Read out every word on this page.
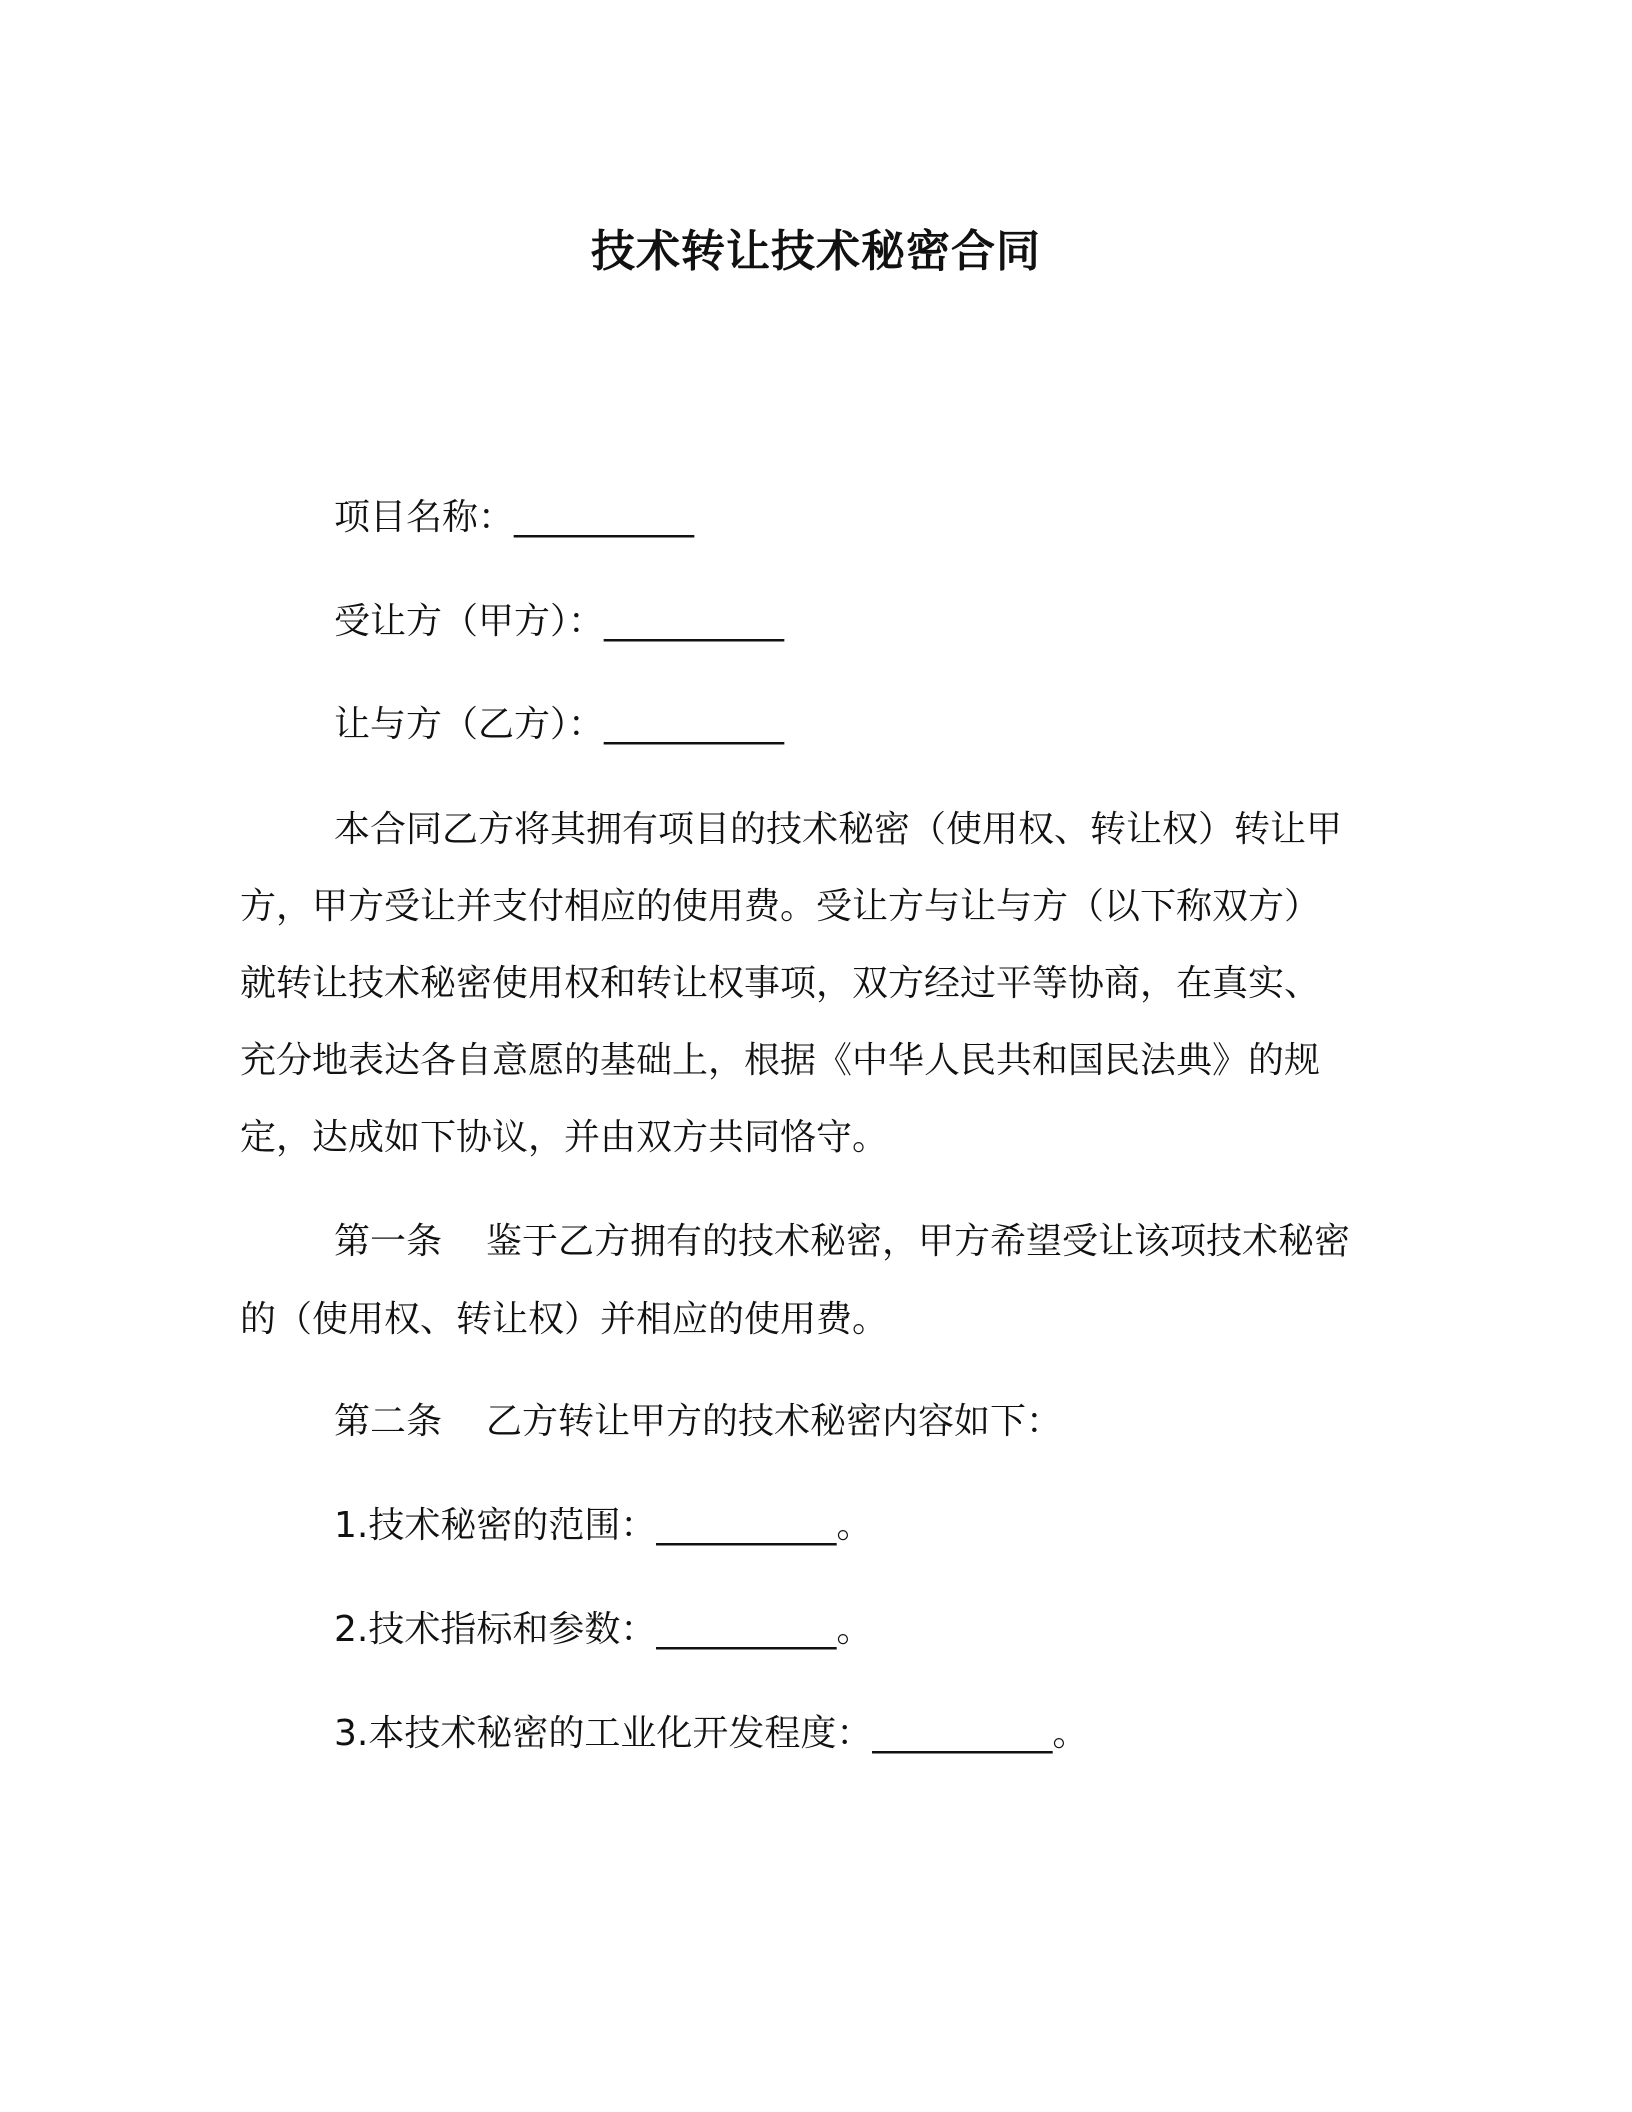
技术转让技术秘密合同
项目名称：__________
受让方（甲方）：__________
让与方（乙方）：__________
本合同乙方将其拥有项目的技术秘密（使用权、转让权）转让甲
方，甲方受让并支付相应的使用费。受让方与让与方（以下称双方）
就转让技术秘密使用权和转让权事项，双方经过平等协商，在真实、
充分地表达各自意愿的基础上，根据《中华人民共和国民法典》的规
定，达成如下协议，并由双方共同恪守。
第一条 鉴于乙方拥有的技术秘密，甲方希望受让该项技术秘密
的（使用权、转让权）并相应的使用费。
第二条 乙方转让甲方的技术秘密内容如下：
1.技术秘密的范围：__________。
2.技术指标和参数：__________。
3.本技术秘密的工业化开发程度：__________。
